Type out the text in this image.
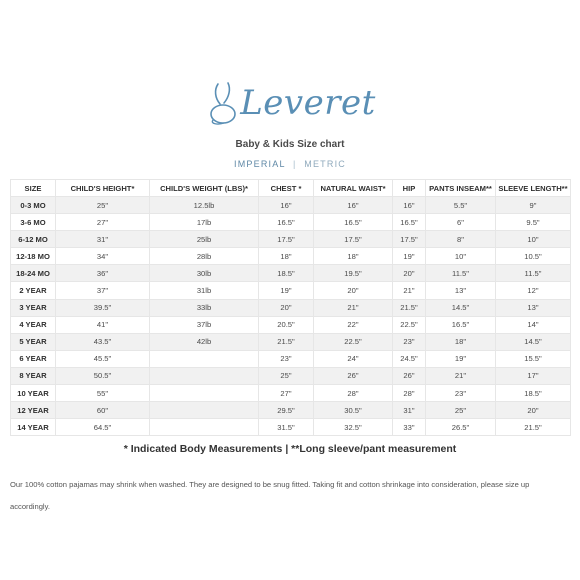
Leveret
Baby & Kids Size chart
IMPERIAL | METRIC
SIZE	CHILD'S HEIGHT*	CHILD'S WEIGHT (LBS)*	CHEST *	NATURAL WAIST*	HIP	PANTS INSEAM**	SLEEVE LENGTH**
0-3 MO	25"	12.5lb	16"	16"	16"	5.5"	9"
3-6 MO	27"	17lb	16.5"	16.5"	16.5"	6"	9.5"
6-12 MO	31"	25lb	17.5"	17.5"	17.5"	8"	10"
12-18 MO	34"	28lb	18"	18"	19"	10"	10.5"
18-24 MO	36"	30lb	18.5"	19.5"	20"	11.5"	11.5"
2 YEAR	37"	31lb	19"	20"	21"	13"	12"
3 YEAR	39.5"	33lb	20"	21"	21.5"	14.5"	13"
4 YEAR	41"	37lb	20.5"	22"	22.5"	16.5"	14"
5 YEAR	43.5"	42lb	21.5"	22.5"	23"	18"	14.5"
6 YEAR	45.5"		23"	24"	24.5"	19"	15.5"
8 YEAR	50.5"		25"	26"	26"	21"	17"
10 YEAR	55"		27"	28"	28"	23"	18.5"
12 YEAR	60"		29.5"	30.5"	31"	25"	20"
14 YEAR	64.5"		31.5"	32.5"	33"	26.5"	21.5"
* Indicated Body Measurements | **Long sleeve/pant measurement
Our 100% cotton pajamas may shrink when washed. They are designed to be snug fitted. Taking fit and cotton shrinkage into consideration, please size up accordingly.
